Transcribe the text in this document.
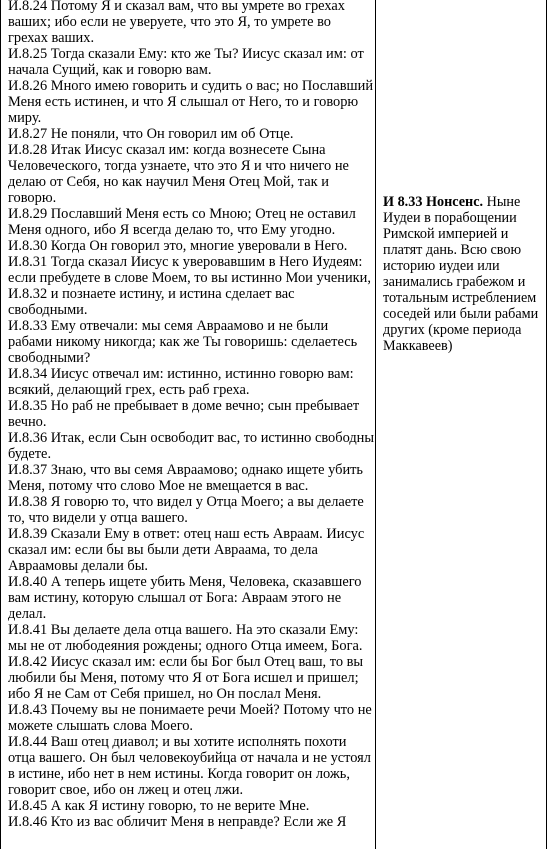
И.8.24 Потому Я и сказал вам, что вы умрете во грехах
ваших; ибо если не уверуете, что это Я, то умрете во
грехах ваших.
И.8.25 Тогда сказали Ему: кто же Ты? Иисус сказал им: от
начала Сущий, как и говорю вам.
И.8.26 Много имею говорить и судить о вас; но Пославший
Меня есть истинен, и что Я слышал от Него, то и говорю
миру.
И.8.27 Не поняли, что Он говорил им об Отце.
И.8.28 Итак Иисус сказал им: когда вознесете Сына
Человеческого, тогда узнаете, что это Я и что ничего не
делаю от Себя, но как научил Меня Отец Мой, так и
говорю.
И.8.29 Пославший Меня есть со Мною; Отец не оставил
Меня одного, ибо Я всегда делаю то, что Ему угодно.
И.8.30 Когда Он говорил это, многие уверовали в Него.
И.8.31 Тогда сказал Иисус к уверовавшим в Него Иудеям:
если пребудете в слове Моем, то вы истинно Мои ученики,
И.8.32 и познаете истину, и истина сделает вас
свободными.
И.8.33 Ему отвечали: мы семя Авраамово и не были
рабами никому никогда; как же Ты говоришь: сделаетесь
свободными?
И.8.34 Иисус отвечал им: истинно, истинно говорю вам:
всякий, делающий грех, есть раб греха.
И.8.35 Но раб не пребывает в доме вечно; сын пребывает
вечно.
И.8.36 Итак, если Сын освободит вас, то истинно свободны
будете.
И.8.37 Знаю, что вы семя Авраамово; однако ищете убить
Меня, потому что слово Мое не вмещается в вас.
И.8.38 Я говорю то, что видел у Отца Моего; а вы делаете
то, что видели у отца вашего.
И.8.39 Сказали Ему в ответ: отец наш есть Авраам. Иисус
сказал им: если бы вы были дети Авраама, то дела
Авраамовы делали бы.
И.8.40 А теперь ищете убить Меня, Человека, сказавшего
вам истину, которую слышал от Бога: Авраам этого не
делал.
И.8.41 Вы делаете дела отца вашего. На это сказали Ему:
мы не от любодеяния рождены; одного Отца имеем, Бога.
И.8.42 Иисус сказал им: если бы Бог был Отец ваш, то вы
любили бы Меня, потому что Я от Бога исшел и пришел;
ибо Я не Сам от Себя пришел, но Он послал Меня.
И.8.43 Почему вы не понимаете речи Моей? Потому что не
можете слышать слова Моего.
И.8.44 Ваш отец диавол; и вы хотите исполнять похоти
отца вашего. Он был человекоубийца от начала и не устоял
в истине, ибо нет в нем истины. Когда говорит он ложь,
говорит свое, ибо он лжец и отец лжи.
И.8.45 А как Я истину говорю, то не верите Мне.
И.8.46 Кто из вас обличит Меня в неправде? Если же Я
И 8.33 Нонсенс. Ныне
Иудеи в порабощении
Римской империей и
платят дань. Всю свою
историю иудеи или
занимались грабежом и
тотальным истреблением
соседей или были рабами
других (кроме периода
Маккавеев)
